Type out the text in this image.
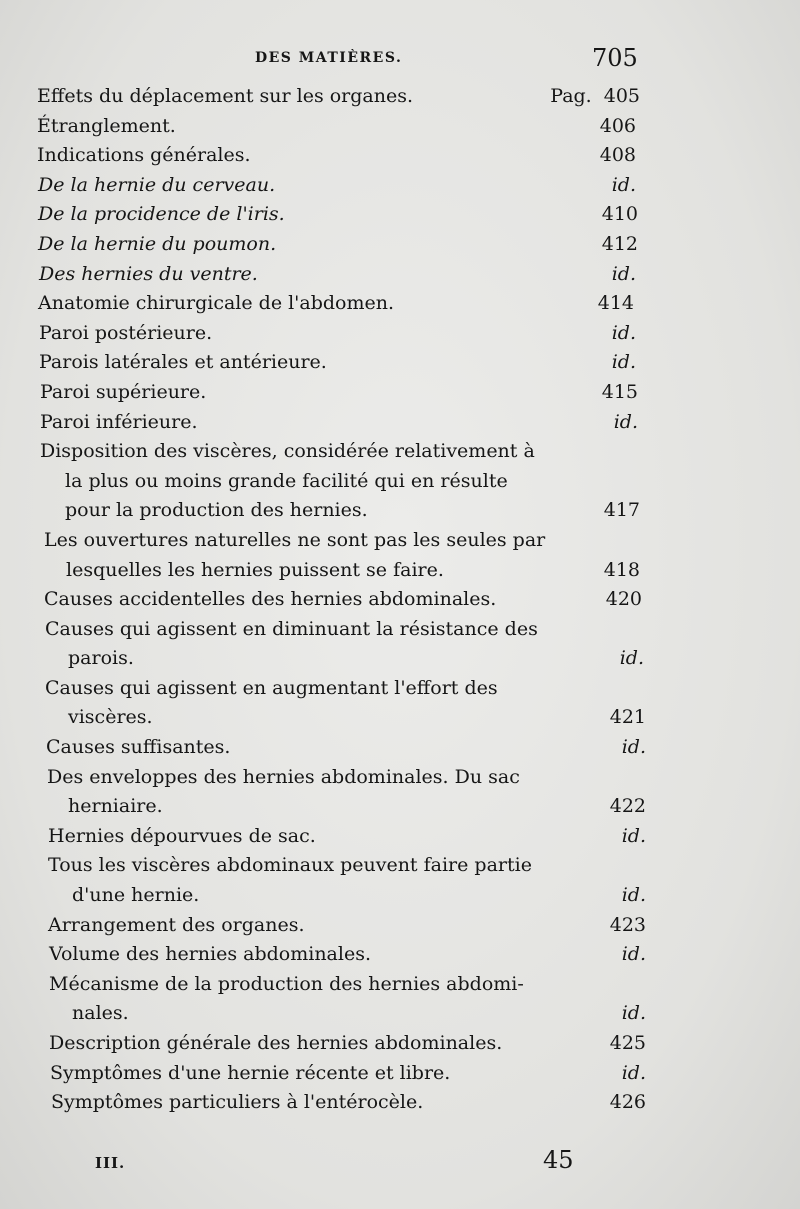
DES MATIÈRES.	705
Effets du déplacement sur les organes.	Pag. 405
Étranglement.	406
Indications générales.	408
De la hernie du cerveau.	id.
De la procidence de l'iris.	410
De la hernie du poumon.	412
Des hernies du ventre.	id.
Anatomie chirurgicale de l'abdomen.	414
Paroi postérieure.	id.
Parois latérales et antérieure.	id.
Paroi supérieure.	415
Paroi inférieure.	id.
Disposition des viscères, considérée relativement à
la plus ou moins grande facilité qui en résulte
pour la production des hernies.	417
Les ouvertures naturelles ne sont pas les seules par
lesquelles les hernies puissent se faire.	418
Causes accidentelles des hernies abdominales.	420
Causes qui agissent en diminuant la résistance des
parois.	id.
Causes qui agissent en augmentant l'effort des
viscères.	421
Causes suffisantes.	id.
Des enveloppes des hernies abdominales. Du sac
herniaire.	422
Hernies dépourvues de sac.	id.
Tous les viscères abdominaux peuvent faire partie
d'une hernie.	id.
Arrangement des organes.	423
Volume des hernies abdominales.	id.
Mécanisme de la production des hernies abdomi-
nales.	id.
Description générale des hernies abdominales.	425
Symptômes d'une hernie récente et libre.	id.
Symptômes particuliers à l'entérocèle.	426
III.	45
